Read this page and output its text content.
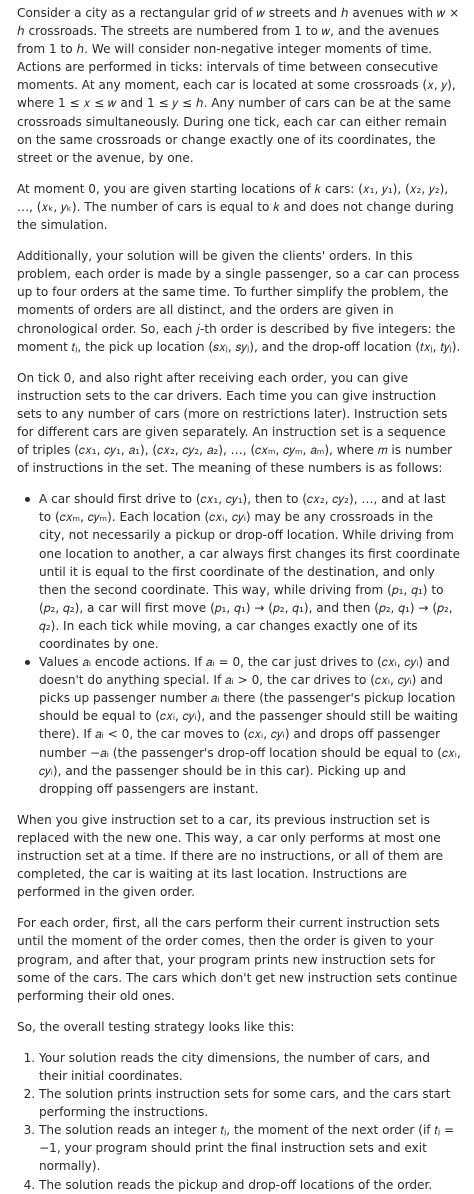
Consider a city as a rectangular grid of 𝑤 streets and ℎ avenues with 𝑤 × ℎ crossroads. The streets are numbered from 1 to 𝑤, and the avenues from 1 to ℎ. We will consider non-negative integer moments of time. Actions are performed in ticks: intervals of time between consecutive moments. At any moment, each car is located at some crossroads (𝑥, 𝑦), where 1 ≤ 𝑥 ≤ 𝑤 and 1 ≤ 𝑦 ≤ ℎ. Any number of cars can be at the same crossroads simultaneously. During one tick, each car can either remain on the same crossroads or change exactly one of its coordinates, the street or the avenue, by one.

At moment 0, you are given starting locations of 𝑘 cars: (𝑥₁, 𝑦₁), (𝑥₂, 𝑦₂), …, (𝑥ₖ, 𝑦ₖ). The number of cars is equal to 𝑘 and does not change during the simulation.

Additionally, your solution will be given the clients' orders. In this problem, each order is made by a single passenger, so a car can process up to four orders at the same time. To further simplify the problem, the moments of orders are all distinct, and the orders are given in chronological order. So, each 𝑗-th order is described by five integers: the moment 𝑡ⱼ, the pick up location (𝑠𝑥ⱼ, 𝑠𝑦ⱼ), and the drop-off location (𝑡𝑥ⱼ, 𝑡𝑦ⱼ).

On tick 0, and also right after receiving each order, you can give instruction sets to the car drivers. Each time you can give instruction sets to any number of cars (more on restrictions later). Instruction sets for different cars are given separately. An instruction set is a sequence of triples (𝑐𝑥₁, 𝑐𝑦₁, 𝑎₁), (𝑐𝑥₂, 𝑐𝑦₂, 𝑎₂), …, (𝑐𝑥ₘ, 𝑐𝑦ₘ, 𝑎ₘ), where 𝑚 is number of instructions in the set. The meaning of these numbers is as follows:

A car should first drive to (𝑐𝑥₁, 𝑐𝑦₁), then to (𝑐𝑥₂, 𝑐𝑦₂), …, and at last to (𝑐𝑥ₘ, 𝑐𝑦ₘ). Each location (𝑐𝑥ᵢ, 𝑐𝑦ᵢ) may be any crossroads in the city, not necessarily a pickup or drop-off location. While driving from one location to another, a car always first changes its first coordinate until it is equal to the first coordinate of the destination, and only then the second coordinate. This way, while driving from (𝑝₁, 𝑞₁) to (𝑝₂, 𝑞₂), a car will first move (𝑝₁, 𝑞₁) → (𝑝₂, 𝑞₁), and then (𝑝₂, 𝑞₁) → (𝑝₂, 𝑞₂). In each tick while moving, a car changes exactly one of its coordinates by one.
Values 𝑎ᵢ encode actions. If 𝑎ᵢ = 0, the car just drives to (𝑐𝑥ᵢ, 𝑐𝑦ᵢ) and doesn't do anything special. If 𝑎ᵢ > 0, the car drives to (𝑐𝑥ᵢ, 𝑐𝑦ᵢ) and picks up passenger number 𝑎ᵢ there (the passenger's pickup location should be equal to (𝑐𝑥ᵢ, 𝑐𝑦ᵢ), and the passenger should still be waiting there). If 𝑎ᵢ < 0, the car moves to (𝑐𝑥ᵢ, 𝑐𝑦ᵢ) and drops off passenger number −𝑎ᵢ (the passenger's drop-off location should be equal to (𝑐𝑥ᵢ, 𝑐𝑦ᵢ), and the passenger should be in this car). Picking up and dropping off passengers are instant.

When you give instruction set to a car, its previous instruction set is replaced with the new one. This way, a car only performs at most one instruction set at a time. If there are no instructions, or all of them are completed, the car is waiting at its last location. Instructions are performed in the given order.

For each order, first, all the cars perform their current instruction sets until the moment of the order comes, then the order is given to your program, and after that, your program prints new instruction sets for some of the cars. The cars which don't get new instruction sets continue performing their old ones.

So, the overall testing strategy looks like this:

1. Your solution reads the city dimensions, the number of cars, and their initial coordinates.
2. The solution prints instruction sets for some cars, and the cars start performing the instructions.
3. The solution reads an integer 𝑡ⱼ, the moment of the next order (if 𝑡ⱼ = −1, your program should print the final instruction sets and exit normally).
4. The solution reads the pickup and drop-off locations of the order.
